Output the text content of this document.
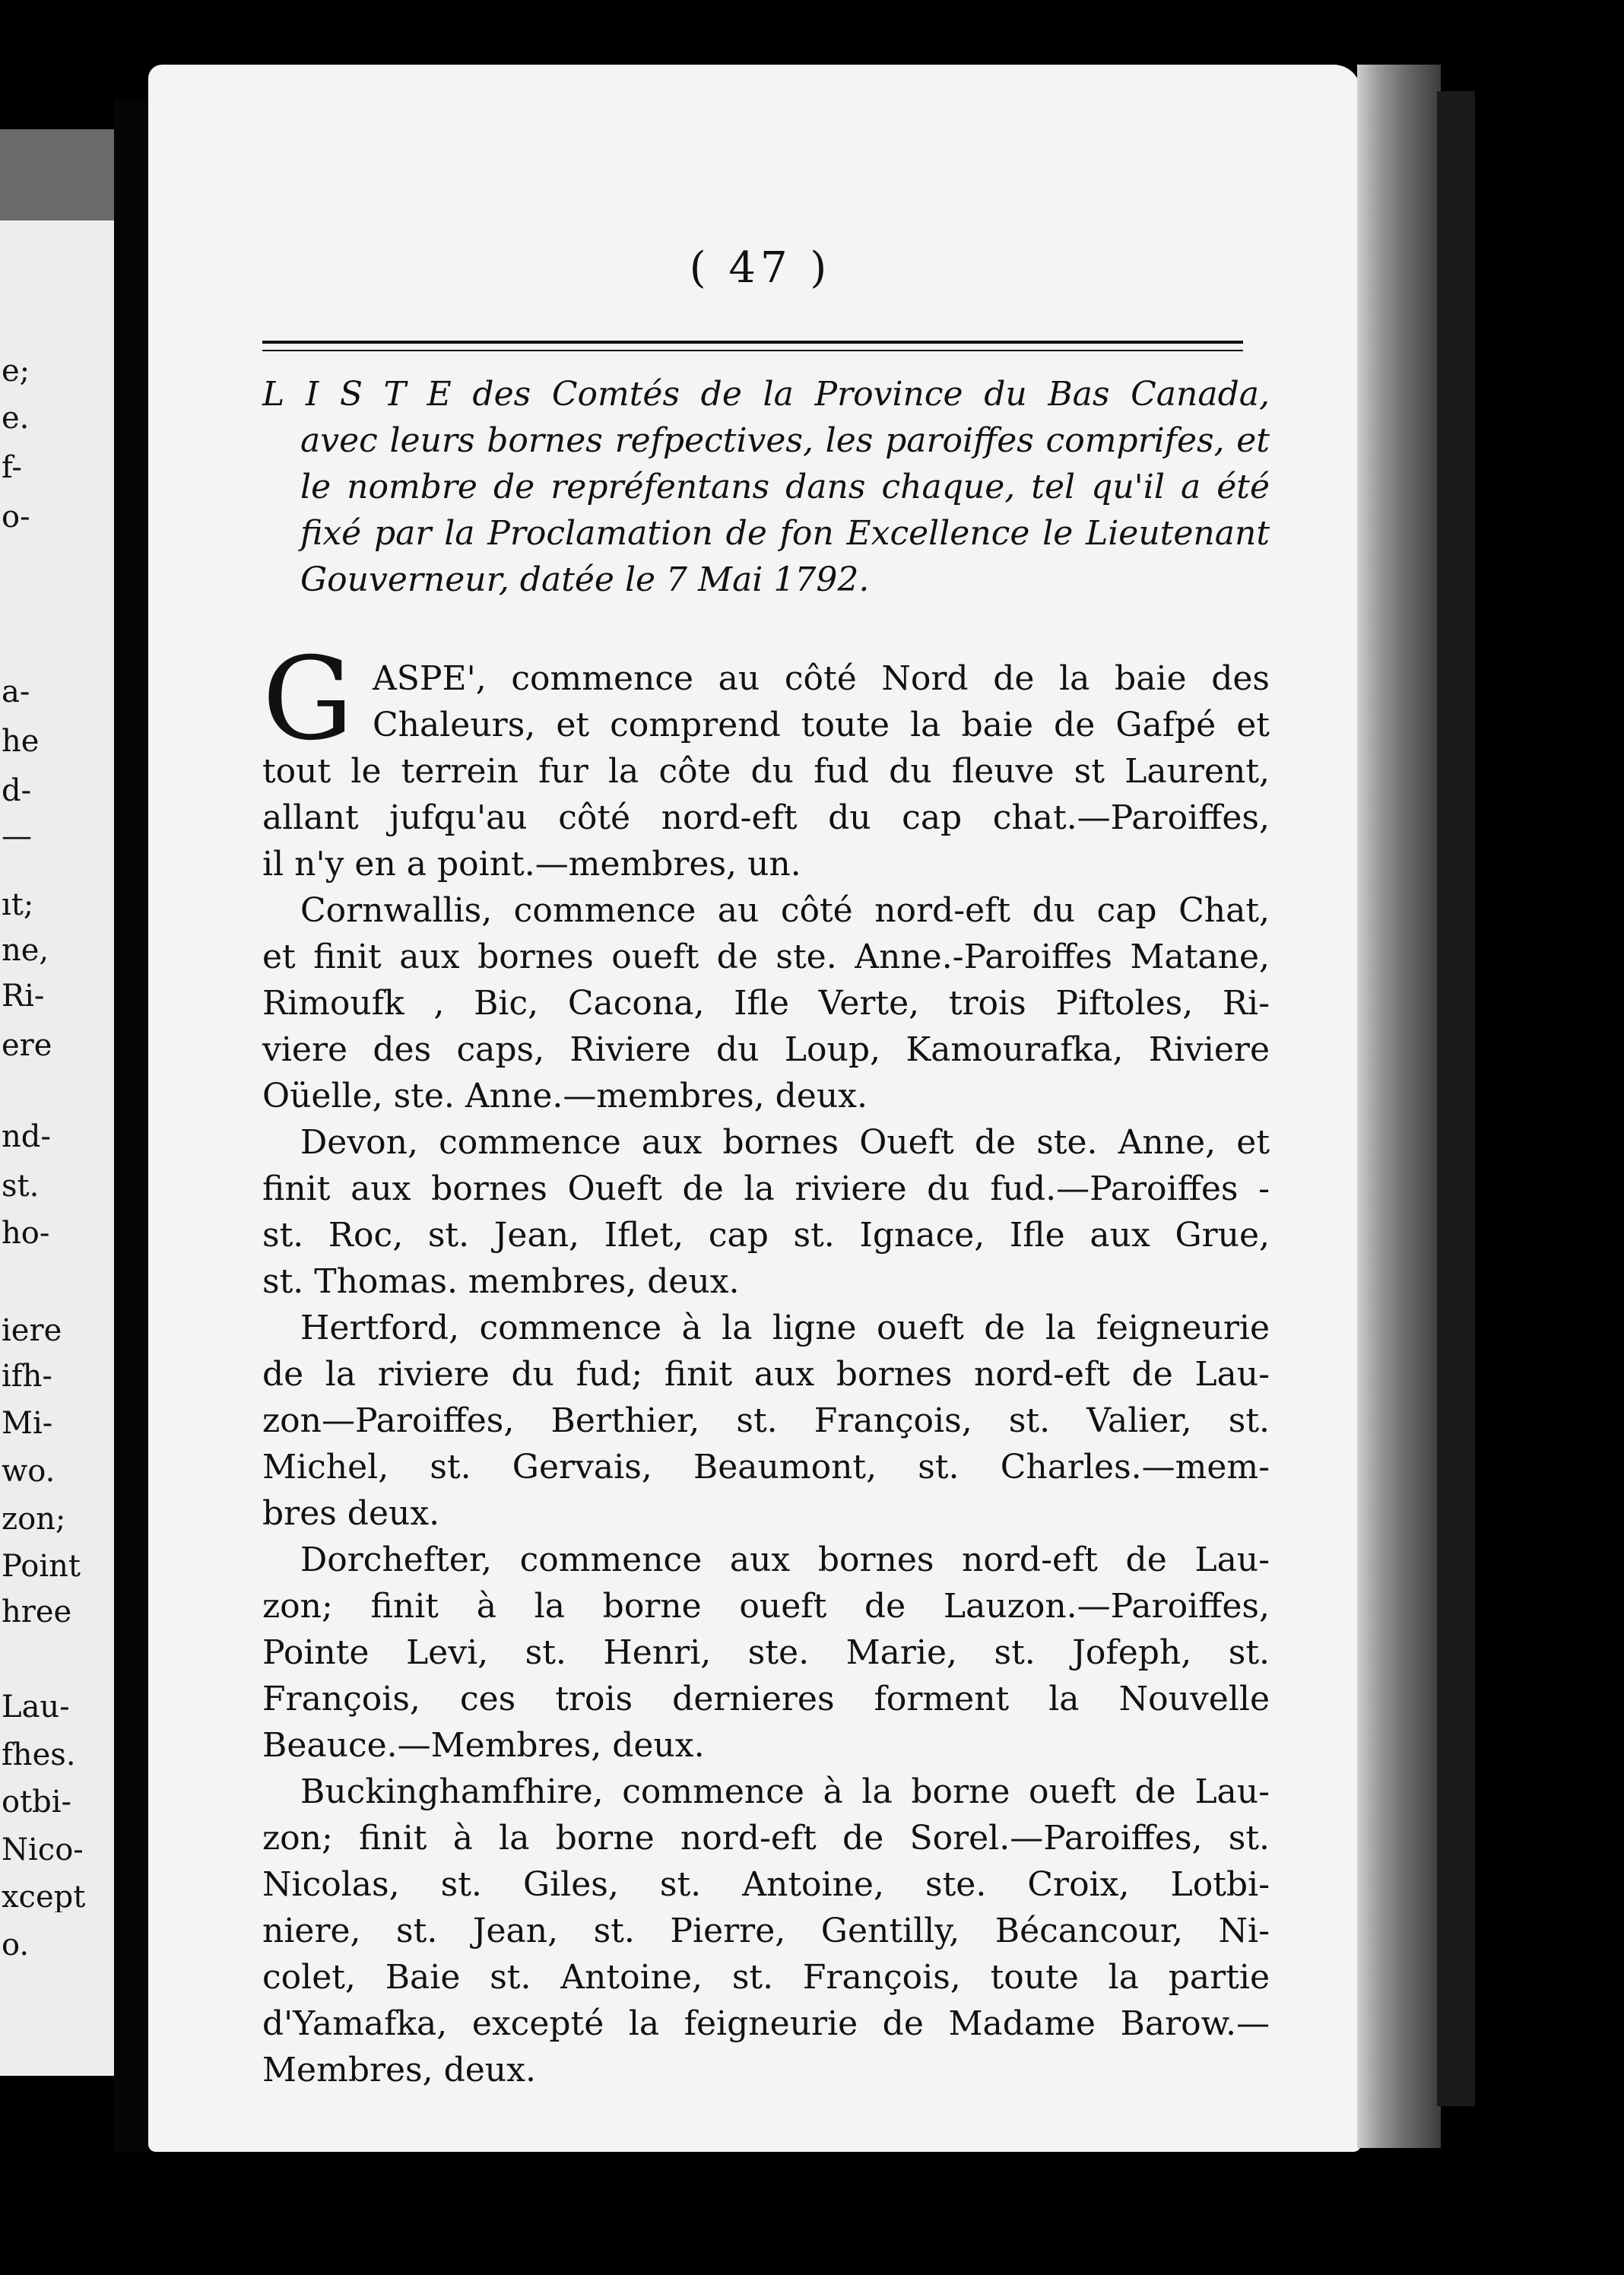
e;
e.
f-
o-
a-
he
d-
—
ıt;
ne,
Ri-
ere
nd-
st.
ho-
iere
ifh-
Mi-
wo.
zon;
Point
hree
Lau-
fhes.
otbi-
Nico-
xcept
o.
( 47 )
L I S T E des Comtés de la Province du Bas Canada,
avec leurs bornes refpectives, les paroiffes comprifes, et
le nombre de repréfentans dans chaque, tel qu'il a été
fixé par la Proclamation de fon Excellence le Lieutenant
Gouverneur, datée le 7 Mai 1792.
G ASPE', commence au côté Nord de la baie des
Chaleurs, et comprend toute la baie de Gafpé et
tout le terrein fur la côte du fud du fleuve st Laurent,
allant jufqu'au côté nord-eft du cap chat.—Paroiffes,
il n'y en a point.—membres, un.
Cornwallis, commence au côté nord-eft du cap Chat,
et finit aux bornes oueft de ste. Anne.-Paroiffes Matane,
Rimoufk , Bic, Cacona, Ifle Verte, trois Piftoles, Ri-
viere des caps, Riviere du Loup, Kamourafka, Riviere
Oüelle, ste. Anne.—membres, deux.
Devon, commence aux bornes Oueft de ste. Anne, et
finit aux bornes Oueft de la riviere du fud.—Paroiffes -
st. Roc, st. Jean, Iflet, cap st. Ignace, Ifle aux Grue,
st. Thomas. membres, deux.
Hertford, commence à la ligne oueft de la feigneurie
de la riviere du fud; finit aux bornes nord-eft de Lau-
zon—Paroiffes, Berthier, st. François, st. Valier, st.
Michel, st. Gervais, Beaumont, st. Charles.—mem-
bres deux.
Dorchefter, commence aux bornes nord-eft de Lau-
zon; finit à la borne oueft de Lauzon.—Paroiffes,
Pointe Levi, st. Henri, ste. Marie, st. Jofeph, st.
François, ces trois dernieres forment la Nouvelle
Beauce.—Membres, deux.
Buckinghamfhire, commence à la borne oueft de Lau-
zon; finit à la borne nord-eft de Sorel.—Paroiffes, st.
Nicolas, st. Giles, st. Antoine, ste. Croix, Lotbi-
niere, st. Jean, st. Pierre, Gentilly, Bécancour, Ni-
colet, Baie st. Antoine, st. François, toute la partie
d'Yamafka, excepté la feigneurie de Madame Barow.—
Membres, deux.
